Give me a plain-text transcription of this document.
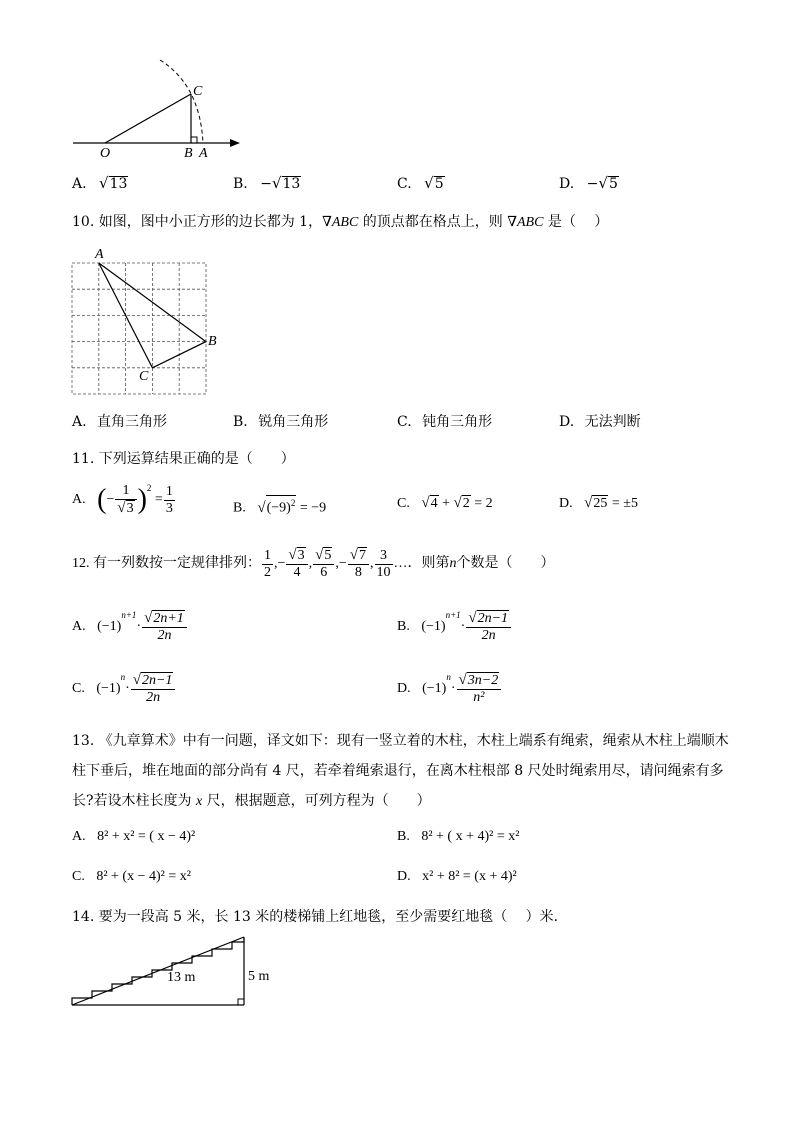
O	B A
C
A. √13	B. −√13	C. √5	D. −√5
10. 如图，图中小正方形的边长都为 1，∇ABC 的顶点都在格点上，则 ∇ABC 是（　 ）
A
B
C
A. 直角三角形	B. 锐角三角形	C. 钝角三角形	D. 无法判断
11. 下列运算结果正确的是（　　）
A. (− $\frac{1}{√3} )^2 = \frac{1}{3}$	B. $√(-9)^2 = -9$	C. √4 + √2 = 2	D. √25 = ±5
12. 有一列数按一定规律排列： $\frac{1}{2}$ ,− $\frac{√3}{4}$ , $\frac{√5}{6}$ ,− $\frac{√7}{8}$ , $\frac{3}{10}$ …．则第n个数是（　　）
A. $(-1)^{n+1}\cdot \frac{√2n+1}{2n}$	B. $(-1)^{n+1}\cdot \frac{√2n-1}{2n}$
C. $(-1)^n\cdot \frac{√2n-1}{2n}$	D. $(-1)^n\cdot \frac{√3n-2}{\text{n²}}$
13. 《九章算术》中有一问题，译文如下：现有一竖立着的木柱，木柱上端系有绳索，绳索从木柱上端顺木
柱下垂后，堆在地面的部分尚有 4 尺，若牵着绳索退行，在离木柱根部 8 尺处时绳索用尽，请问绳索有多
长?若设木柱长度为 x 尺，根据题意，可列方程为（　　）
A. 8² + x² = ( x − 4)²	B. 8² + ( x + 4)² = x²
C. 8² + (x − 4)² = x²	D. x² + 8² = (x + 4)²
14. 要为一段高 5 米，长 13 米的楼梯铺上红地毯，至少需要红地毯（　 ）米．
13 m	5 m
